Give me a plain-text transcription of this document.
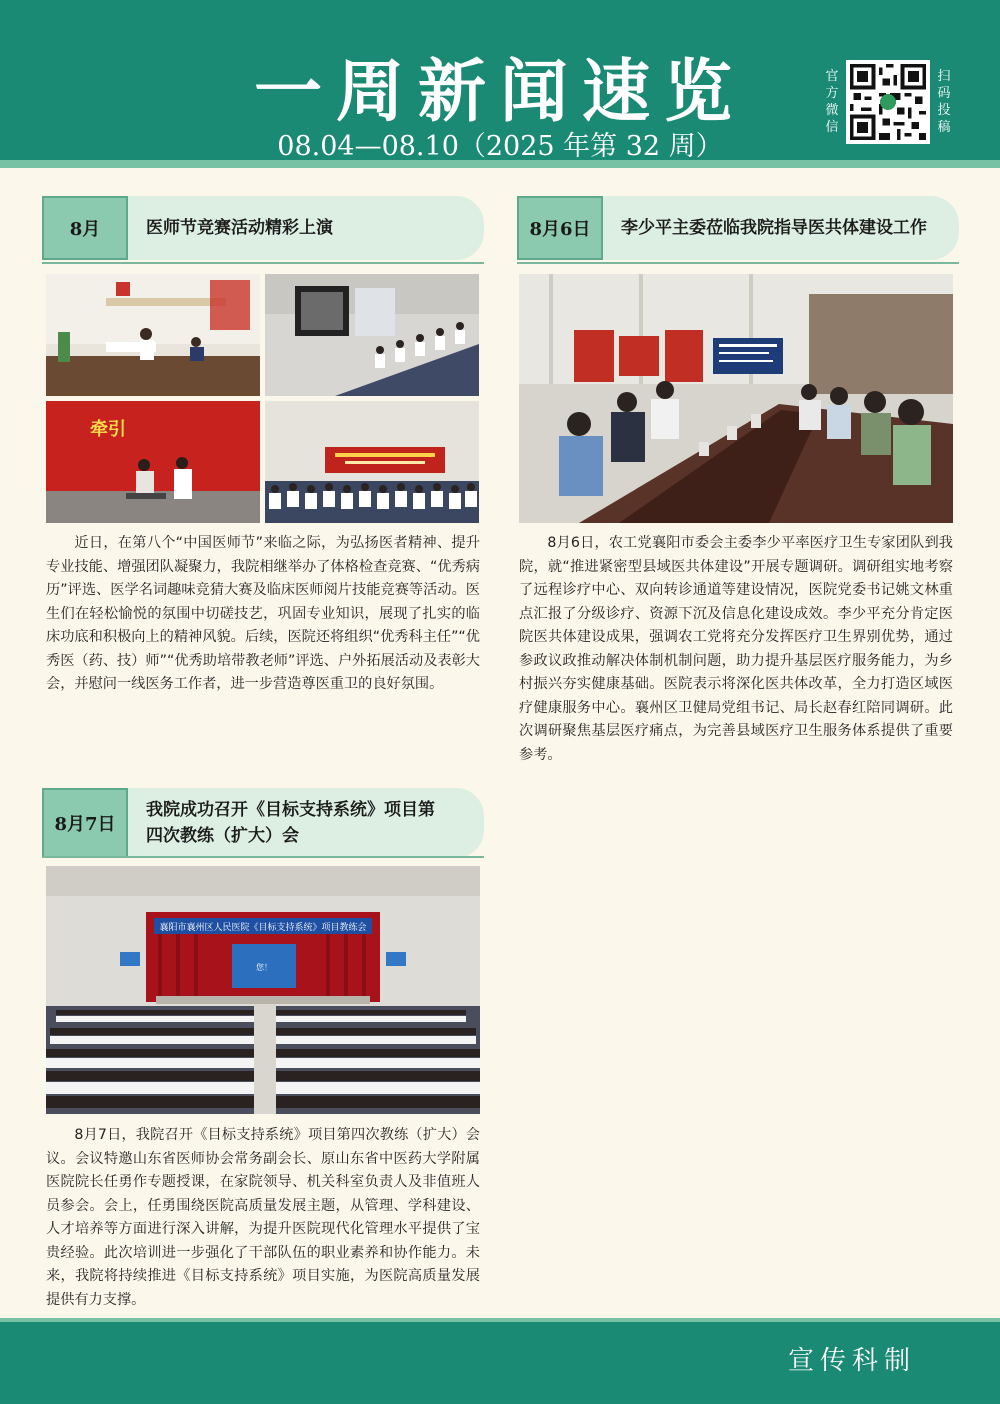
一周新闻速览
08.04—08.10（2025 年第 32 周）
官方微信
扫码投稿
8月	医师节竞赛活动精彩上演
牵引
近日，在第八个“中国医师节”来临之际，为弘扬医者精神、提升专业技能、增强团队凝聚力，我院相继举办了体格检查竞赛、“优秀病历”评选、医学名词趣味竞猜大赛及临床医师阅片技能竞赛等活动。医生们在轻松愉悦的氛围中切磋技艺，巩固专业知识，展现了扎实的临床功底和积极向上的精神风貌。后续，医院还将组织“优秀科主任”“优秀医（药、技）师”“优秀助培带教老师”评选、户外拓展活动及表彰大会，并慰问一线医务工作者，进一步营造尊医重卫的良好氛围。
8月6日	李少平主委莅临我院指导医共体建设工作
8月6日，农工党襄阳市委会主委李少平率医疗卫生专家团队到我院，就“推进紧密型县域医共体建设”开展专题调研。调研组实地考察了远程诊疗中心、双向转诊通道等建设情况，医院党委书记姚文林重点汇报了分级诊疗、资源下沉及信息化建设成效。李少平充分肯定医院医共体建设成果，强调农工党将充分发挥医疗卫生界别优势，通过参政议政推动解决体制机制问题，助力提升基层医疗服务能力，为乡村振兴夯实健康基础。医院表示将深化医共体改革，全力打造区域医疗健康服务中心。襄州区卫健局党组书记、局长赵春红陪同调研。此次调研聚焦基层医疗痛点，为完善县域医疗卫生服务体系提供了重要参考。
8月7日
我院成功召开《目标支持系统》项目第
四次教练（扩大）会
襄阳市襄州区人民医院《目标支持系统》项目教练会
您！
8月7日，我院召开《目标支持系统》项目第四次教练（扩大）会议。会议特邀山东省医师协会常务副会长、原山东省中医药大学附属医院院长任勇作专题授课，在家院领导、机关科室负责人及非值班人员参会。会上，任勇围绕医院高质量发展主题，从管理、学科建设、人才培养等方面进行深入讲解，为提升医院现代化管理水平提供了宝贵经验。此次培训进一步强化了干部队伍的职业素养和协作能力。未来，我院将持续推进《目标支持系统》项目实施，为医院高质量发展提供有力支撑。
宣传科制
